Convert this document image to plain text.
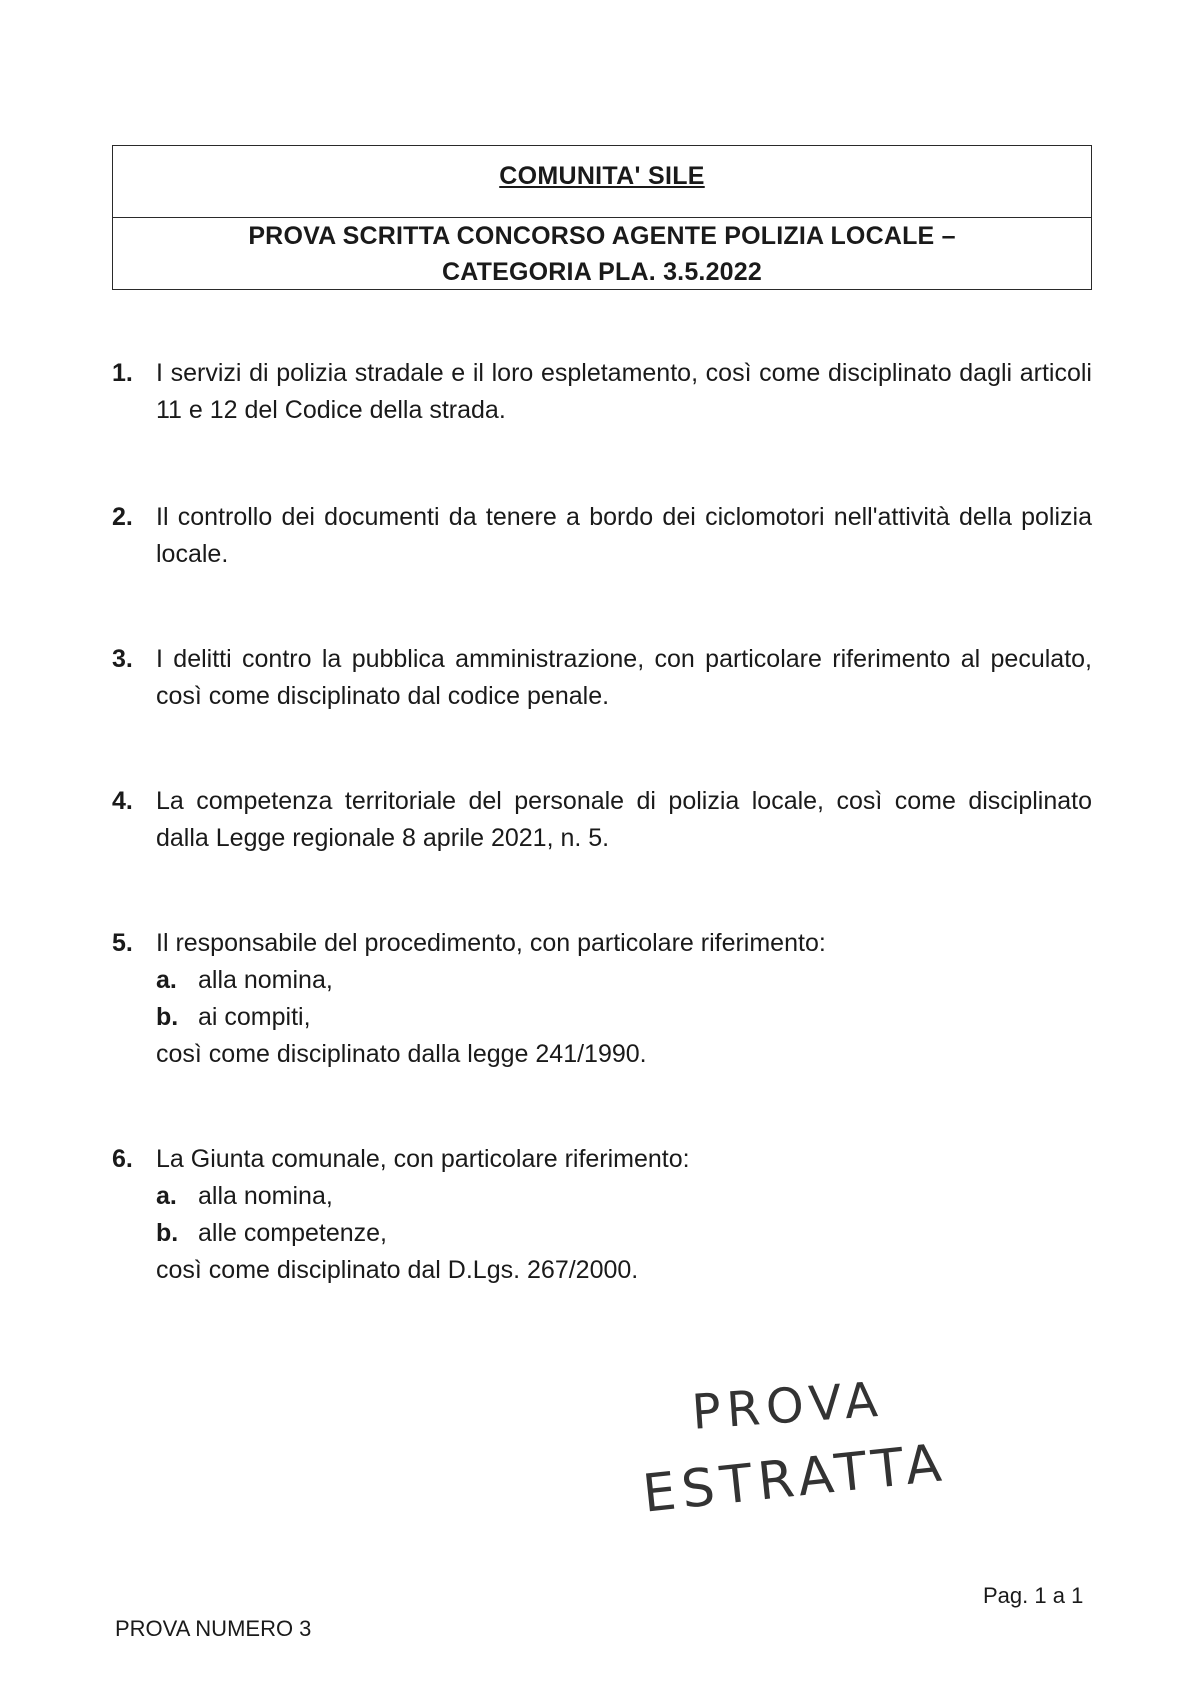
COMUNITA' SILE
PROVA SCRITTA CONCORSO AGENTE POLIZIA LOCALE –
CATEGORIA PLA. 3.5.2022
1. I servizi di polizia stradale e il loro espletamento, così come disciplinato dagli articoli 11 e 12 del Codice della strada.
2. Il controllo dei documenti da tenere a bordo dei ciclomotori nell'attività della polizia locale.
3. I delitti contro la pubblica amministrazione, con particolare riferimento al peculato, così come disciplinato dal codice penale.
4. La competenza territoriale del personale di polizia locale, così come disciplinato dalla Legge regionale 8 aprile 2021, n. 5.
5. Il responsabile del procedimento, con particolare riferimento:
a. alla nomina,
b. ai compiti,
così come disciplinato dalla legge 241/1990.
6. La Giunta comunale, con particolare riferimento:
a. alla nomina,
b. alle competenze,
così come disciplinato dal D.Lgs. 267/2000.
PROVA
ESTRATTA
Pag. 1 a 1
PROVA NUMERO 3
